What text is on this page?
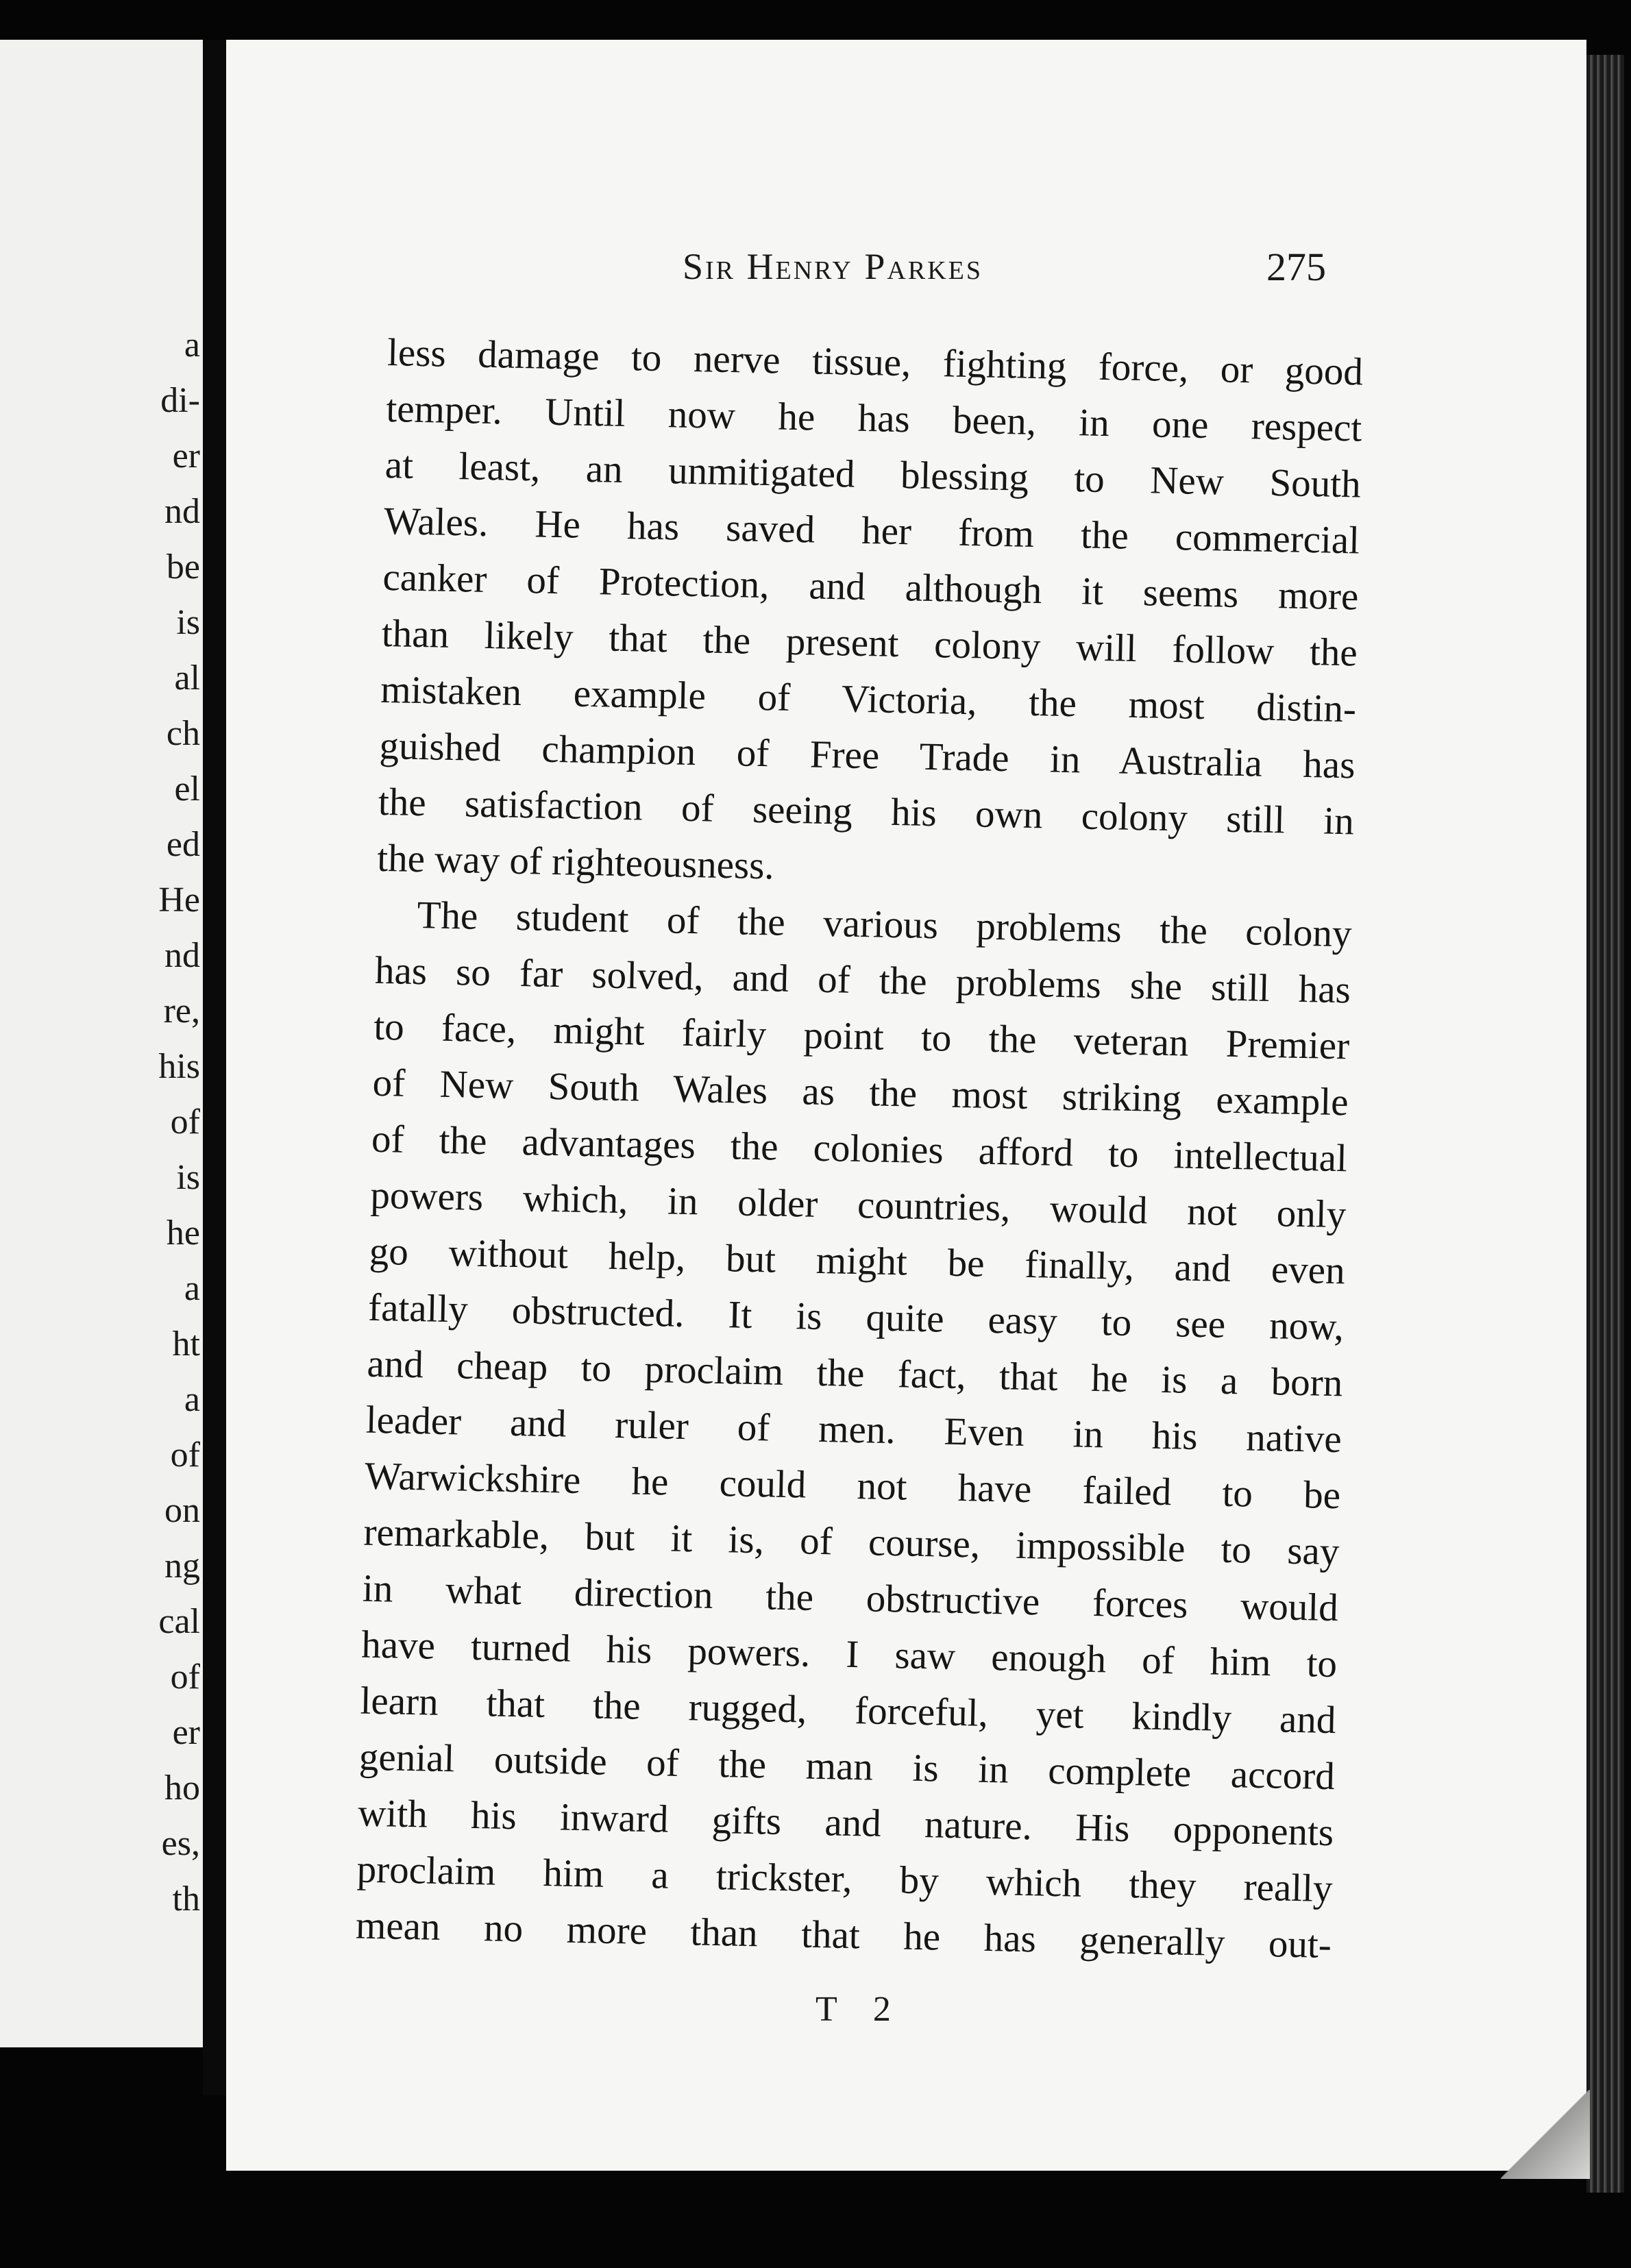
a
di-
er
nd
be
is
al
ch
el
ed
He
nd
re,
his
of
is
he
a
ht
a
of
on
ng
cal
of
er
ho
es,
th
Sir Henry Parkes	275
less damage to nerve tissue, fighting force, or good
temper. Until now he has been, in one respect
at least, an unmitigated blessing to New South
Wales. He has saved her from the commercial
canker of Protection, and although it seems more
than likely that the present colony will follow the
mistaken example of Victoria, the most distin-
guished champion of Free Trade in Australia has
the satisfaction of seeing his own colony still in
the way of righteousness.
The student of the various problems the colony
has so far solved, and of the problems she still has
to face, might fairly point to the veteran Premier
of New South Wales as the most striking example
of the advantages the colonies afford to intellectual
powers which, in older countries, would not only
go without help, but might be finally, and even
fatally obstructed. It is quite easy to see now,
and cheap to proclaim the fact, that he is a born
leader and ruler of men. Even in his native
Warwickshire he could not have failed to be
remarkable, but it is, of course, impossible to say
in what direction the obstructive forces would
have turned his powers. I saw enough of him to
learn that the rugged, forceful, yet kindly and
genial outside of the man is in complete accord
with his inward gifts and nature. His opponents
proclaim him a trickster, by which they really
mean no more than that he has generally out-
T 2
